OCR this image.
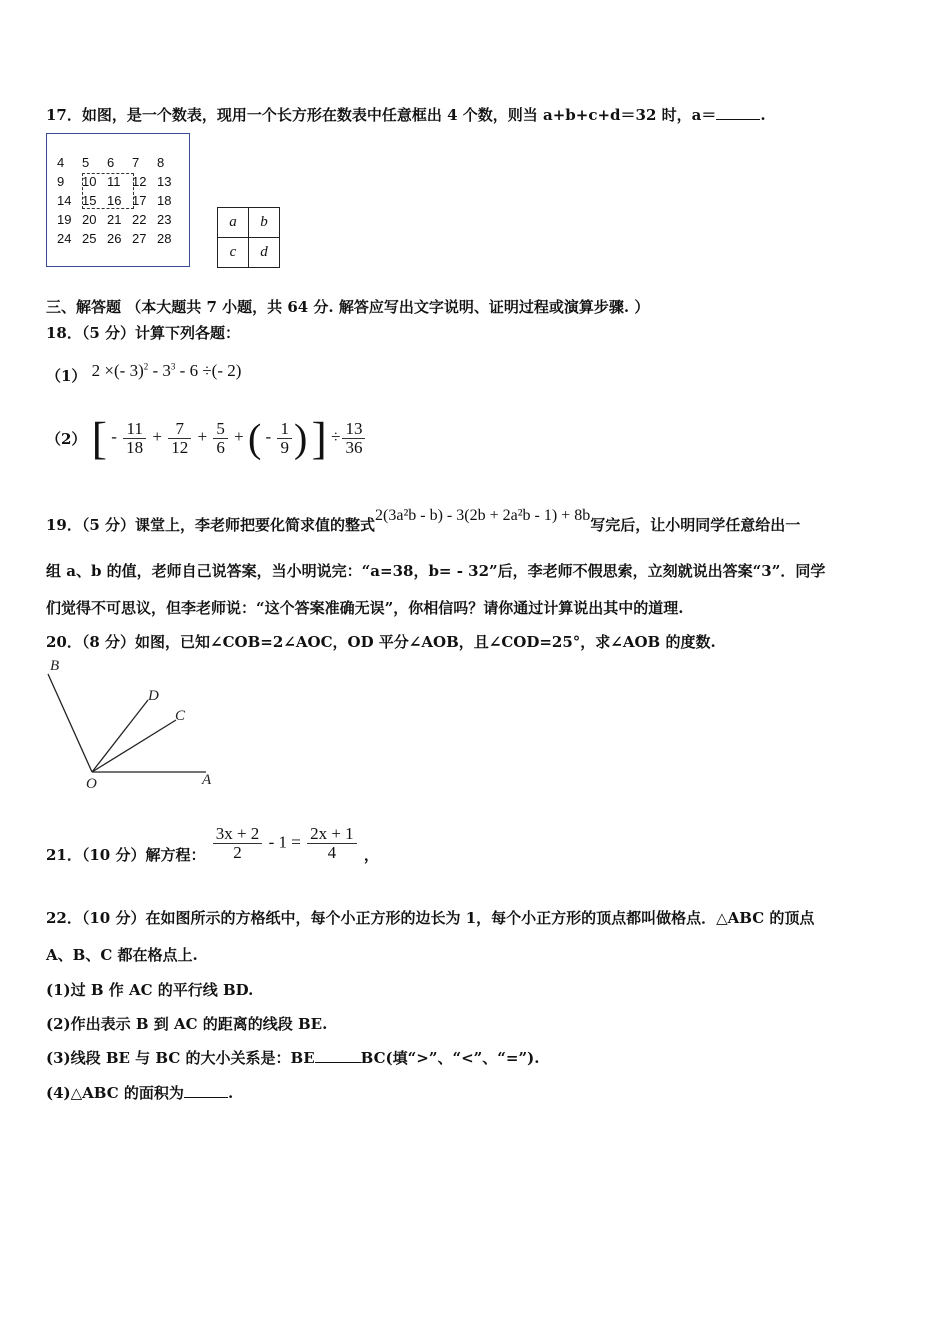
17．如图，是一个数表，现用一个长方形在数表中任意框出 4 个数，则当 a+b+c+d＝32 时，a＝	.
4 5 6 7 8
9 10 11 12 13
14 15 16 17 18
19 20 21 22 23
24 25 26 27 28
a	b
c	d
三、解答题 （本大题共 7 小题，共 64 分. 解答应写出文字说明、证明过程或演算步骤. ）
18．（5 分）计算下列各题：
（1） 2 ×(- $3)^2 - 3^3 - 6$ ÷(- 2)
（2） [ - $\frac{11}{18} + \frac{7}{12} + \frac{5}{6}$ + ( - $\frac{1}{9}$ ) ] ÷ $\frac{13}{36}$
19．（5 分）课堂上，李老师把要化简求值的整式2(3a²b - b) - 3(2b + 2a²b - 1) + 8b写完后，让小明同学任意给出一
组 a、b 的值，老师自己说答案，当小明说完：“a=38，b= - 32”后，李老师不假思索，立刻就说出答案“3”．同学
们觉得不可思议，但李老师说：“这个答案准确无误”，你相信吗？请你通过计算说出其中的道理.
20．（8 分）如图，已知∠COB=2∠AOC，OD 平分∠AOB，且∠COD=25°，求∠AOB 的度数.
B
D
C
O	A
21．（10 分）解方程： $\frac{3x + 2}{2} - 1 = \frac{2x + 1}{4}$ ，
22．（10 分）在如图所示的方格纸中，每个小正方形的边长为 1，每个小正方形的顶点都叫做格点．△ABC 的顶点
A、B、C 都在格点上.
(1)过 B 作 AC 的平行线 BD.
(2)作出表示 B 到 AC 的距离的线段 BE.
(3)线段 BE 与 BC 的大小关系是：BE	BC(填“>”、“<”、“=”).
(4)△ABC 的面积为	.
